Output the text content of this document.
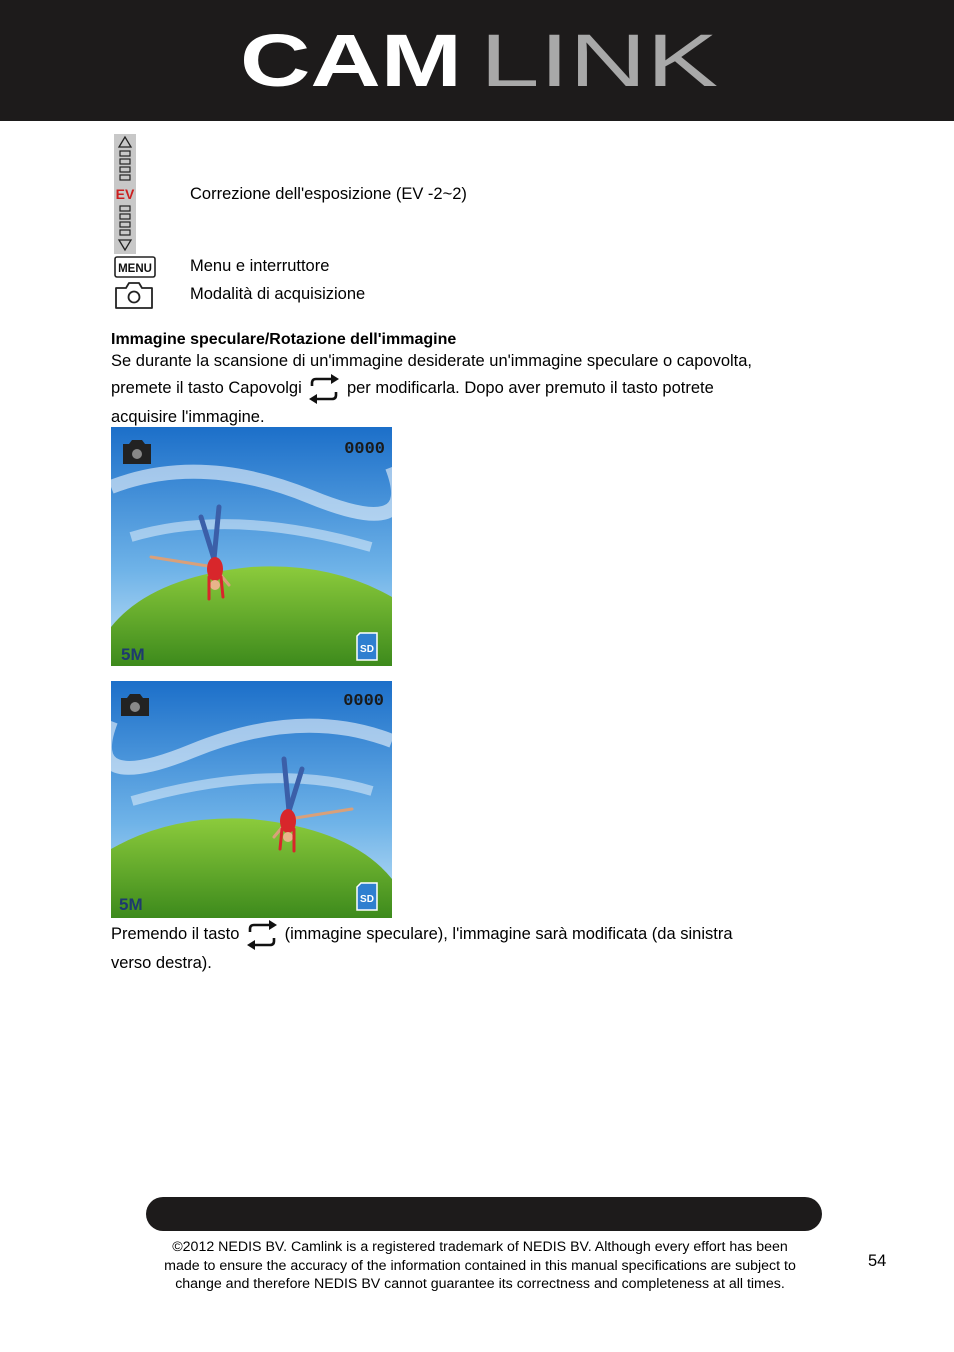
CAM LINK
EV	Correzione dell'esposizione (EV -2~2)
MENU Menu e interruttore
Modalità di acquisizione
Immagine speculare/Rotazione dell'immagine
Se durante la scansione di un'immagine desiderate un'immagine speculare o capovolta,
premete il tasto Capovolgi	per modificarla. Dopo aver premuto il tasto potrete
acquisire l'immagine.
0000
5M	SD
0000
5M	SD
Premendo il tasto	(immagine speculare), l'immagine sarà modificata (da sinistra
verso destra).
©2012 NEDIS BV. Camlink is a registered trademark of NEDIS BV. Although every effort has been
made to ensure the accuracy of the information contained in this manual specifications are subject to
change and therefore NEDIS BV cannot guarantee its correctness and completeness at all times.
54
